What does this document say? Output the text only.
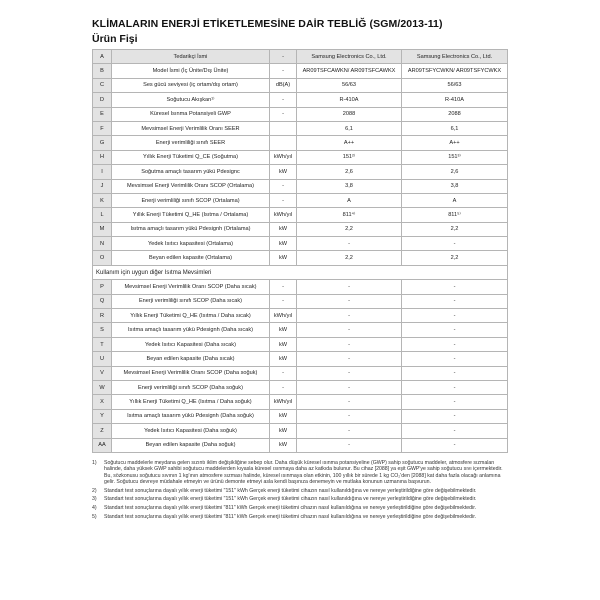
KLİMALARIN ENERJİ ETİKETLEMESİNE DAİR TEBLİĞ (SGM/2013-11)
Ürün Fişi
A	Tedarikçi İsmi	-	Samsung Electronics Co., Ltd.	Samsung Electronics Co., Ltd.
B	Model İsmi (İç Ünite/Dış Ünite)	-	AR09TSFCAWKN/ AR09TSFCAWKX	AR09TSFYCWKN/ AR09TSFYCWKX
C	Ses gücü seviyesi (iç ortam/dış ortam)	dB(A)	56/63	56/63
D	Soğutucu Akışkan¹⁾	-	R-410A	R-410A
E	Küresel Isınma Potansiyeli GWP	-	2088	2088
F	Mevsimsel Enerji Verimlilik Oranı SEER		6,1	6,1
G	Enerji verimliliği sınıfı SEER		A++	A++
H	Yıllık Enerji Tüketimi Q_CE (Soğutma)	kWh/yıl	151²⁾	151³⁾
I	Soğutma amaçlı tasarım yükü Pdesignc	kW	2,6	2,6
J	Mevsimsel Enerji Verimlilik Oranı SCOP (Ortalama)	-	3,8	3,8
K	Enerji verimliliği sınıfı SCOP (Ortalama)	-	A	A
L	Yıllık Enerji Tüketimi Q_HE (Isıtma / Ortalama)	kWh/yıl	811⁴⁾	811⁵⁾
M	Isıtma amaçlı tasarım yükü Pdesignh (Ortalama)	kW	2,2	2,2
N	Yedek Isıtıcı kapasitesi (Ortalama)	kW	-	-
O	Beyan edilen kapasite (Ortalama)	kW	2,2	2,2
Kullanım için uygun diğer Isıtma Mevsimleri				
P	Mevsimsel Enerji Verimlilik Oranı SCOP (Daha sıcak)	-	-	-
Q	Enerji verimliliği sınıfı SCOP (Daha sıcak)	-	-	-
R	Yıllık Enerji Tüketimi Q_HE (Isıtma / Daha sıcak)	kWh/yıl	-	-
S	Isıtma amaçlı tasarım yükü Pdesignh (Daha sıcak)	kW	-	-
T	Yedek Isıtıcı Kapasitesi (Daha sıcak)	kW	-	-
U	Beyan edilen kapasite (Daha sıcak)	kW	-	-
V	Mevsimsel Enerji Verimlilik Oranı SCOP (Daha soğuk)	-	-	-
W	Enerji verimliliği sınıfı SCOP (Daha soğuk)	-	-	-
X	Yıllık Enerji Tüketimi Q_HE (Isıtma / Daha soğuk)	kWh/yıl	-	-
Y	Isıtma amaçlı tasarım yükü Pdesignh (Daha soğuk)	kW	-	-
Z	Yedek Isıtıcı Kapasitesi (Daha soğuk)	kW	-	-
AA	Beyan edilen kapasite (Daha soğuk)	kW	-	-
1)	Soğutucu maddelerle meydana gelen sızıntı iklim değişikliğine sebep olur. Daha düşük küresel ısınma potansiyeline (GWP) sahip soğutucu maddeler, atmosfere sızmaları halinde, daha yüksek GWP sahibi soğutucu maddelerden kıyasla küresel ısınmaya daha az katkıda bulunur. Bu cihaz [2088] ya eşit GWP'ye sahip soğutucu sıvı içermektedir. Bu, sözkonusu soğutucu sıvının 1 kg'ının atmosfere sızması halinde, küresel ısınmaya olan etkinin, 100 yıllık bir sürede 1 kg CO₂'den [2088] kat daha fazla olacağı anlamına gelir. Soğutucu devreye müdahale etmeyin ve ürünü demonte etmeyi asla kendi başınıza denemeyin ve mutlaka konunun uzmanına başvurun.
2)	Standart test sonuçlarına dayalı yıllık enerji tüketimi "151" kWh Gerçek enerji tüketimi cihazın nasıl kullanıldığına ve nereye yerleştirildiğine göre değişebilmektedir.
3)	Standart test sonuçlarına dayalı yıllık enerji tüketimi "151" kWh Gerçek enerji tüketimi cihazın nasıl kullanıldığına ve nereye yerleştirildiğine göre değişebilmektedir.
4)	Standart test sonuçlarına dayalı yıllık enerji tüketimi "811" kWh Gerçek enerji tüketimi cihazın nasıl kullanıldığına ve nereye yerleştirildiğine göre değişebilmektedir.
5)	Standart test sonuçlarına dayalı yıllık enerji tüketimi "811" kWh Gerçek enerji tüketimi cihazın nasıl kullanıldığına ve nereye yerleştirildiğine göre değişebilmektedir.
